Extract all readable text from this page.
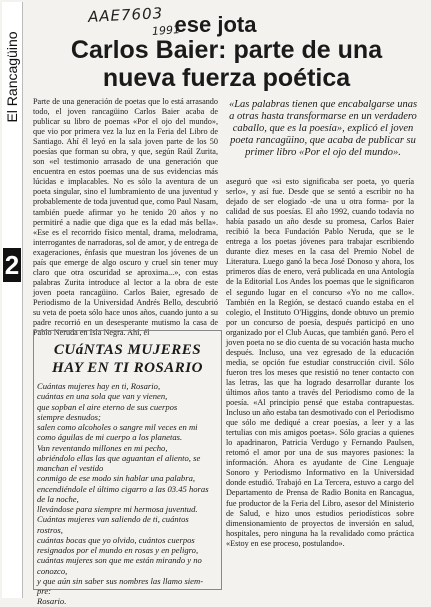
AAE7603
1991
El Rancagüino
2
ese jota
Carlos Baier: parte de una
nueva fuerza poética

Parte de una generación de poetas que lo está arrasando todo, el joven rancagüino Carlos Baier acaba de publicar su libro de poemas «Por el ojo del mundo», que vio por primera vez la luz en la Feria del Libro de Santiago. Ahí él leyó en la sala joven parte de los 50 poesías que forman su obra, y que, según Raúl Zurita, son «el testimonio arrasado de una generación que encuentra en estos poemas una de sus evidencias más lúcidas e implacables. No es sólo la aventura de un poeta singular, sino el lumbramiento de una juventud y probablemente de toda juventud que, como Paul Nasam, también puede afirmar yo he tenido 20 años y no permitiré a nadie que diga que es la edad más bella». «Ese es el recorrido físico mental, drama, melodrama, interrogantes de narradoras, sol de amor, y de entrega de exageraciones, énfasis que muestran los jóvenes de un país que emerge de algo oscuro y cruel sin tener muy claro que otra oscuridad se aproxima...», con estas palabras Zurita introduce al lector a la obra de este joven poeta rancagüino. Carlos Baier, egresado de Periodismo de la Universidad Andrés Bello, descubrió su veta de poeta sólo hace unos años, cuando junto a su padre recorrió en un desesperante mutismo la casa de Pablo Neruda en Isla Negra. Ahí, él

«Las palabras tienen que encabalgarse unas a otras hasta transformarse en un verdadero caballo, que es la poesía», explicó el joven poeta rancagüino, que acaba de publicar su primer libro «Por el ojo del mundo».

aseguró que «si esto significaba ser poeta, yo quería serlo», y así fue. Desde que se sentó a escribir no ha dejado de ser elogiado -de una u otra forma- por la calidad de sus poesías. El año 1992, cuando todavía no había pasado un año desde su promesa, Carlos Baier recibió la beca Fundación Pablo Neruda, que se le entrega a los poetas jóvenes para trabajar escribiendo durante diez meses en la casa del Premio Nobel de Literatura. Luego ganó la beca José Donoso y ahora, los primeros días de enero, verá publicada en una Antología de la Editorial Los Andes los poemas que le significaron el segundo lugar en el concurso «Yo no me callo». También en la Región, se destacó cuando estaba en el colegio, el Instituto O'Higgins, donde obtuvo un premio por un concurso de poesía, después participó en uno organizado por el Club Aucas, que también ganó. Pero el joven poeta no se dio cuenta de su vocación hasta mucho después. Incluso, una vez egresado de la educación media, se opción fue estudiar construcción civil. Sólo fueron tres los meses que resistió no tener contacto con las letras, las que ha logrado desarrollar durante los últimos años tanto a través del Periodismo como de la poesía. «Al principio pensé que estaba contrapuestas. Incluso un año estaba tan desmotivado con el Periodismo que sólo me dediqué a crear poesías, a leer y a las tertulias con mis amigos poetas». Sólo gracias a quienes lo apadrinaron, Patricia Verdugo y Fernando Paulsen, retomó el amor por una de sus mayores pasiones: la información. Ahora es ayudante de Cine Lenguaje Sonoro y Periodismo Informativo en la Universidad donde estudió. Trabajó en La Tercera, estuvo a cargo del Departamento de Prensa de Radio Bonita en Rancagua, fue productor de la Feria del Libro, asesor del Ministerio de Salud, e hizo unos estudios periodísticos sobre dimensionamiento de proyectos de inversión en salud, hospitales, pero ninguna ha la revalidado como práctica «Estoy en ese proceso, postulando».

CUáNTAS MUJERES
HAY EN TI ROSARIO

Cuántas mujeres hay en ti, Rosario,

cuántas en una sola que van y vienen,

que sopban el aire eterno de sus cuerpos

siempre desnudos;

salen como alcoholes o sangre mil veces en mi

como águilas de mi cuerpo a los planetas.

Van reventando millones en mi pecho,

abriéndolo ellas las que aguantan el aliento, se

manchan el vestido

conmigo de ese modo sin hablar una palabra,

encendiéndole el último cigarro a las 03.45 horas

de la noche,

llevándose para siempre mi hermosa juventud.

Cuántas mujeres van saliendo de ti, cuántos

rostros,

cuántas bocas que yo olvido, cuántos cuerpos

resignados por el mundo en rosas y en peligro,

cuántas mujeres son que me están mirando y no

conozco,

y que aún sin saber sus nombres las llamo siem-

pre:

Rosario.
